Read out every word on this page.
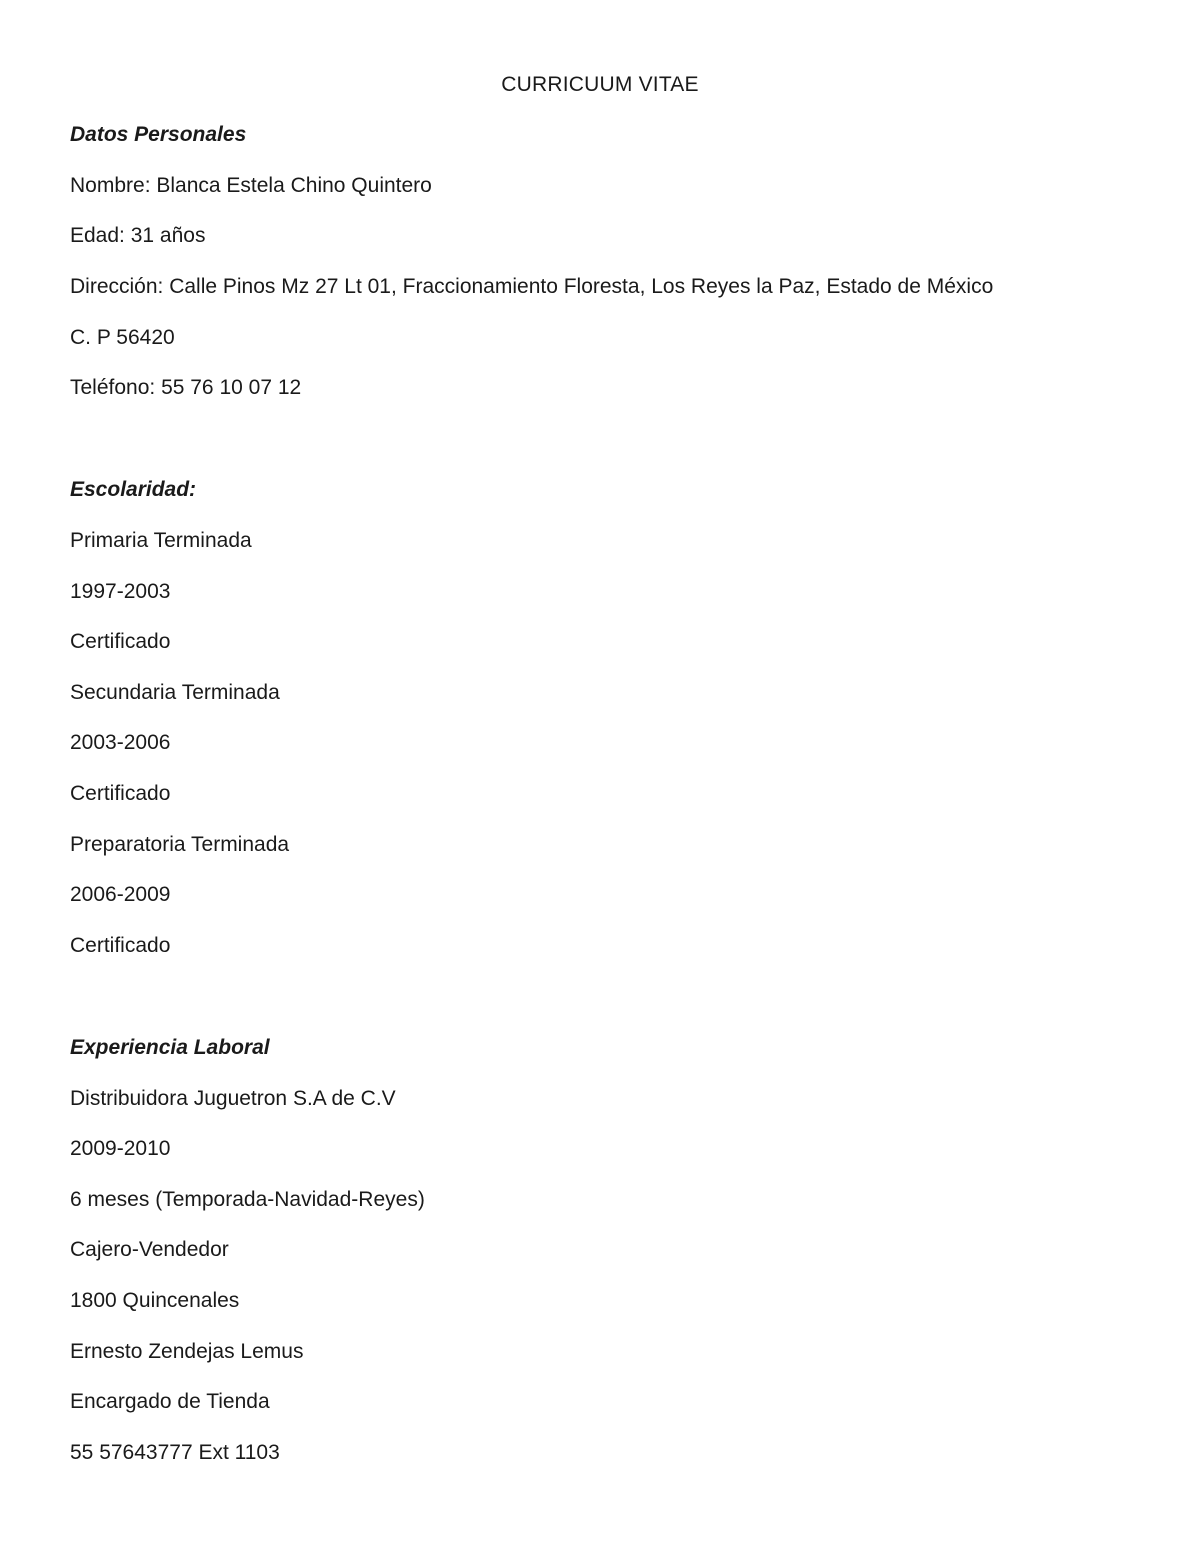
CURRICUUM VITAE
Datos Personales
Nombre: Blanca Estela Chino Quintero
Edad: 31 años
Dirección: Calle Pinos Mz 27 Lt 01, Fraccionamiento Floresta, Los Reyes la Paz, Estado de México
C. P 56420
Teléfono: 55 76 10 07 12
Escolaridad:
Primaria Terminada
1997-2003
Certificado
Secundaria Terminada
2003-2006
Certificado
Preparatoria Terminada
2006-2009
Certificado
Experiencia Laboral
Distribuidora Juguetron S.A de C.V
2009-2010
6 meses (Temporada-Navidad-Reyes)
Cajero-Vendedor
1800 Quincenales
Ernesto Zendejas Lemus
Encargado de Tienda
55 57643777 Ext 1103
